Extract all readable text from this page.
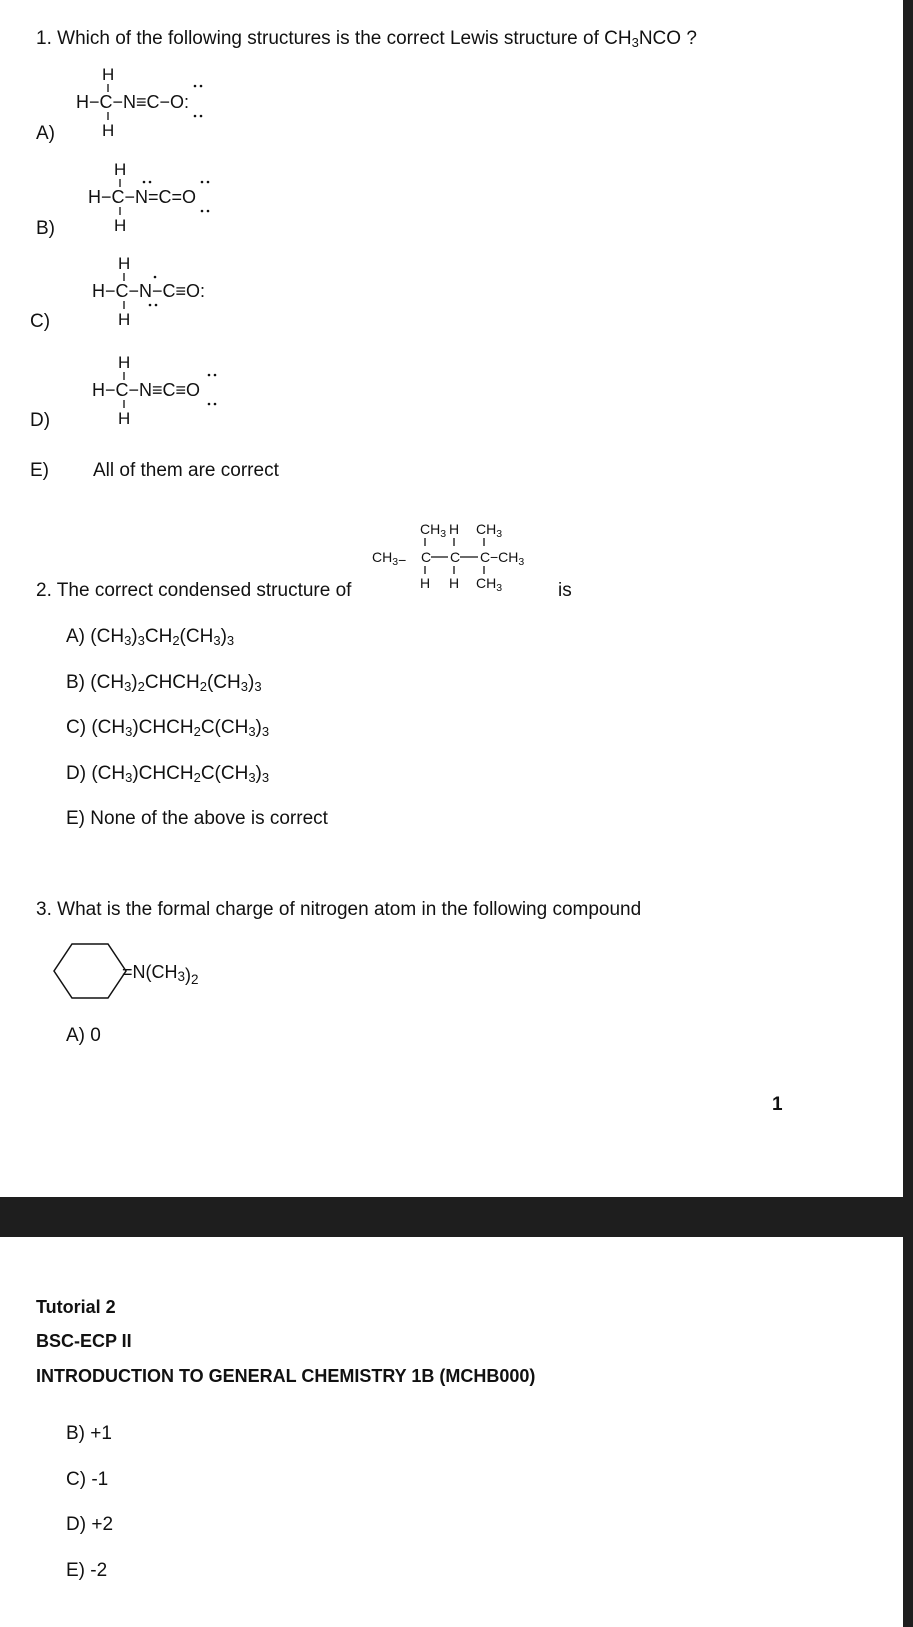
1. Which of the following structures is the correct Lewis structure of $CH_3NCO$ ?
A)
H
H−C−N≡C−O:
H
B)
H
H−C−N=C=O
H
C)
H
H−C−N−C≡O:
H
D)
H
H−C−N≡C≡O
H
E) All of them are correct
2. The correct condensed structure of
$CH_3$ H $CH_3$
$CH_3- C$ C $C -CH_3$
H H $CH_3$	is
A) $(CH_3)_3CH_2(CH_3)_3$
B) $(CH_3)_2CHCH_2(CH_3)_3$
C) $(CH_3)CHCH_2C(CH_3)_3$
D) $(CH_3)CHCH_2C(CH_3)_3$
E) None of the above is correct
3. What is the formal charge of nitrogen atom in the following compound
=N(CH3)2
A) 0
1
Tutorial 2
BSC-ECP II
INTRODUCTION TO GENERAL CHEMISTRY 1B (MCHB000)
B) +1
C) -1
D) +2
E) -2
